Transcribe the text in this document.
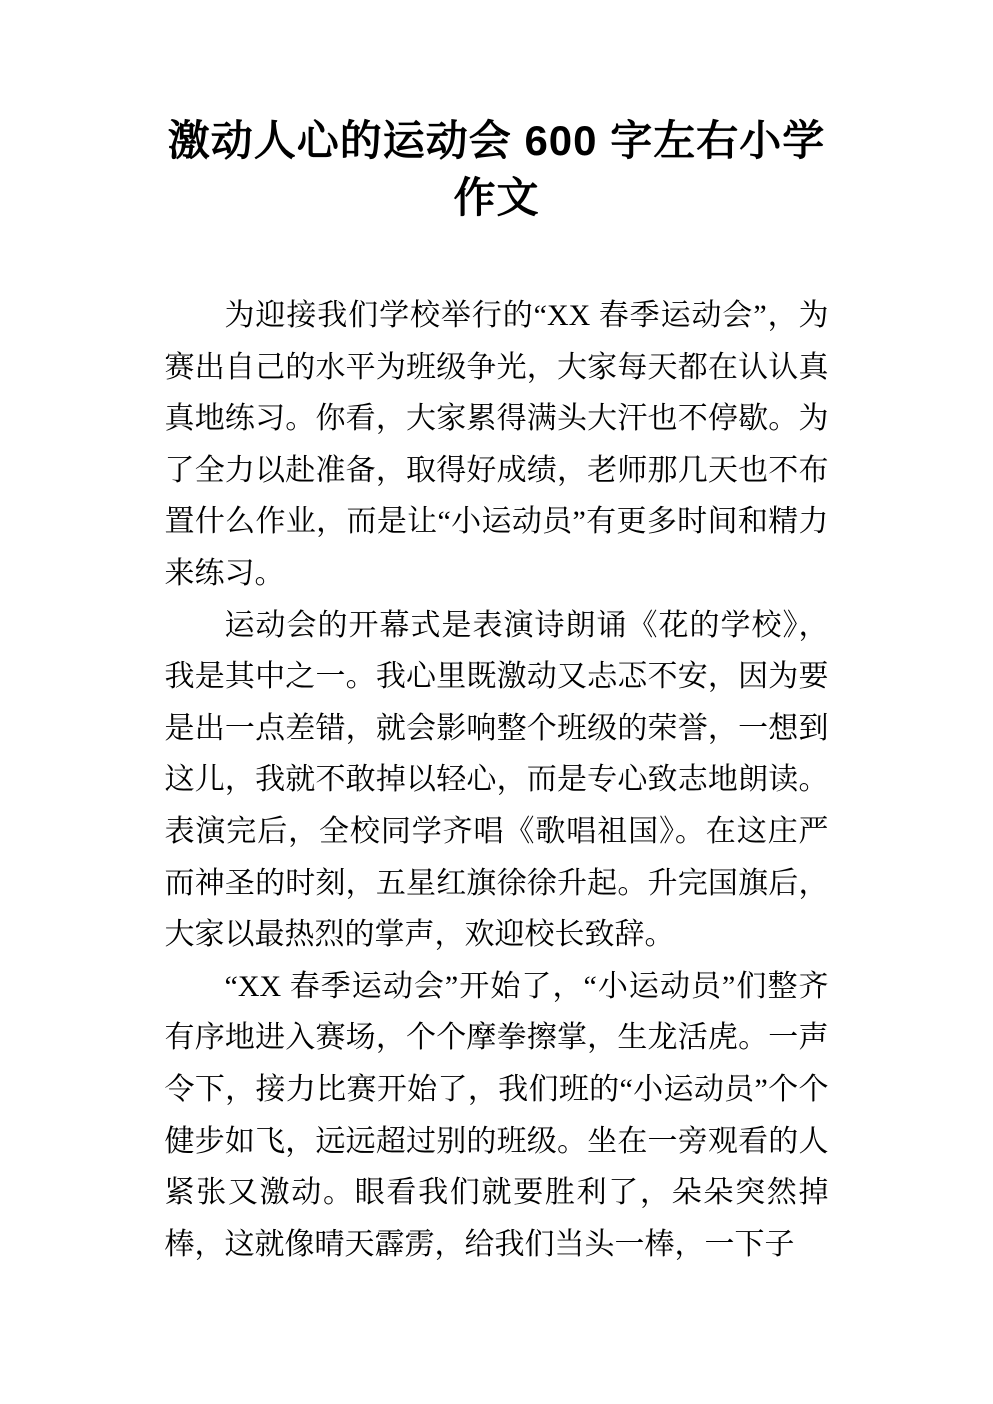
激动人心的运动会 600 字左右小学作文

为迎接我们学校举行的“XX 春季运动会”，为赛出自己的水平为班级争光，大家每天都在认认真真地练习。你看，大家累得满头大汗也不停歇。为了全力以赴准备，取得好成绩，老师那几天也不布置什么作业，而是让“小运动员”有更多时间和精力来练习。

运动会的开幕式是表演诗朗诵《花的学校》，我是其中之一。我心里既激动又忐忑不安，因为要是出一点差错，就会影响整个班级的荣誉，一想到这儿，我就不敢掉以轻心，而是专心致志地朗读。表演完后，全校同学齐唱《歌唱祖国》。在这庄严而神圣的时刻，五星红旗徐徐升起。升完国旗后，大家以最热烈的掌声，欢迎校长致辞。

“XX 春季运动会”开始了，“小运动员”们整齐有序地进入赛场，个个摩拳擦掌，生龙活虎。一声令下，接力比赛开始了，我们班的“小运动员”个个健步如飞，远远超过别的班级。坐在一旁观看的人紧张又激动。眼看我们就要胜利了，朵朵突然掉棒，这就像晴天霹雳，给我们当头一棒，一下子
